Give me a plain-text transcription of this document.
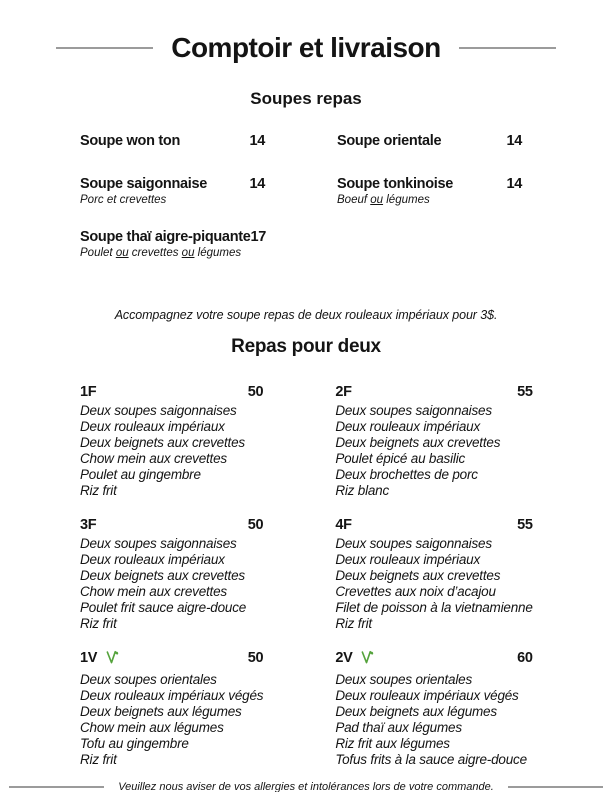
Comptoir et livraison
Soupes repas
Soupe won ton	14
Soupe saigonnaise	14
Porc et crevettes
Soupe thaï aigre-piquante 17
Poulet ou crevettes ou légumes
Soupe orientale	14
Soupe tonkinoise	14
Boeuf ou légumes
Accompagnez votre soupe repas de deux rouleaux impériaux pour 3$.
Repas pour deux
1F	50
Deux soupes saigonnaises
Deux rouleaux impériaux
Deux beignets aux crevettes
Chow mein aux crevettes
Poulet au gingembre
Riz frit
2F	55
Deux soupes saigonnaises
Deux rouleaux impériaux
Deux beignets aux crevettes
Poulet épicé au basilic
Deux brochettes de porc
Riz blanc
3F	50
Deux soupes saigonnaises
Deux rouleaux impériaux
Deux beignets aux crevettes
Chow mein aux crevettes
Poulet frit sauce aigre-douce
Riz frit
4F	55
Deux soupes saigonnaises
Deux rouleaux impériaux
Deux beignets aux crevettes
Crevettes aux noix d’acajou
Filet de poisson à la vietnamienne
Riz frit
1V	50
Deux soupes orientales
Deux rouleaux impériaux végés
Deux beignets aux légumes
Chow mein aux légumes
Tofu au gingembre
Riz frit
2V	60
Deux soupes orientales
Deux rouleaux impériaux végés
Deux beignets aux légumes
Pad thaï aux légumes
Riz frit aux légumes
Tofus frits à la sauce aigre-douce
Veuillez nous aviser de vos allergies et intolérances lors de votre commande.
